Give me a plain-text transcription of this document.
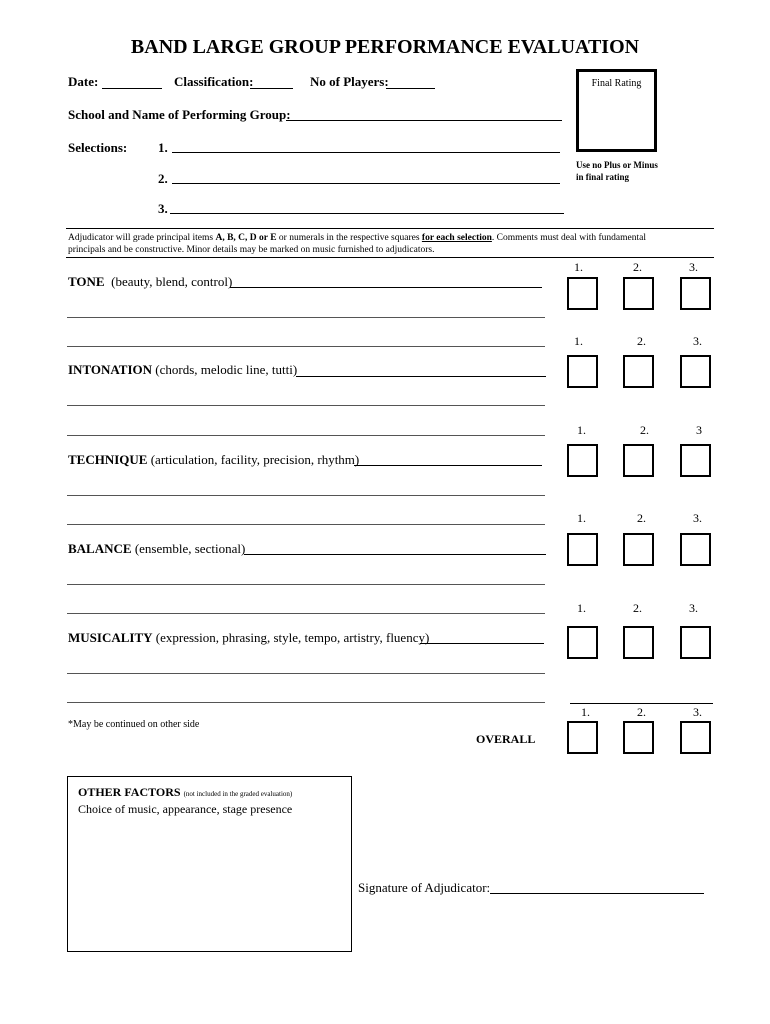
BAND LARGE GROUP PERFORMANCE EVALUATION
Date:	Classification:	No of Players:	Final Rating
Use no Plus or Minus
in final rating
School and Name of Performing Group:
Selections: 1.
2.
3.
Adjudicator will grade principal items A, B, C, D or E or numerals in the respective squares for each selection. Comments must deal with fundamental
principals and be constructive. Minor details may be marked on music furnished to adjudicators.
1.	2.	3.
TONE (beauty, blend, control)
1.	2.	3.
INTONATION (chords, melodic line, tutti)
1.	2.	3
TECHNIQUE (articulation, facility, precision, rhythm)
1.	2.	3.
BALANCE (ensemble, sectional)
1.	2.	3.
MUSICALITY (expression, phrasing, style, tempo, artistry, fluency)
1.	2.	3.
*May be continued on other side
OVERALL
OTHER FACTORS (not included in the graded evaluation)
Choice of music, appearance, stage presence
Signature of Adjudicator:
